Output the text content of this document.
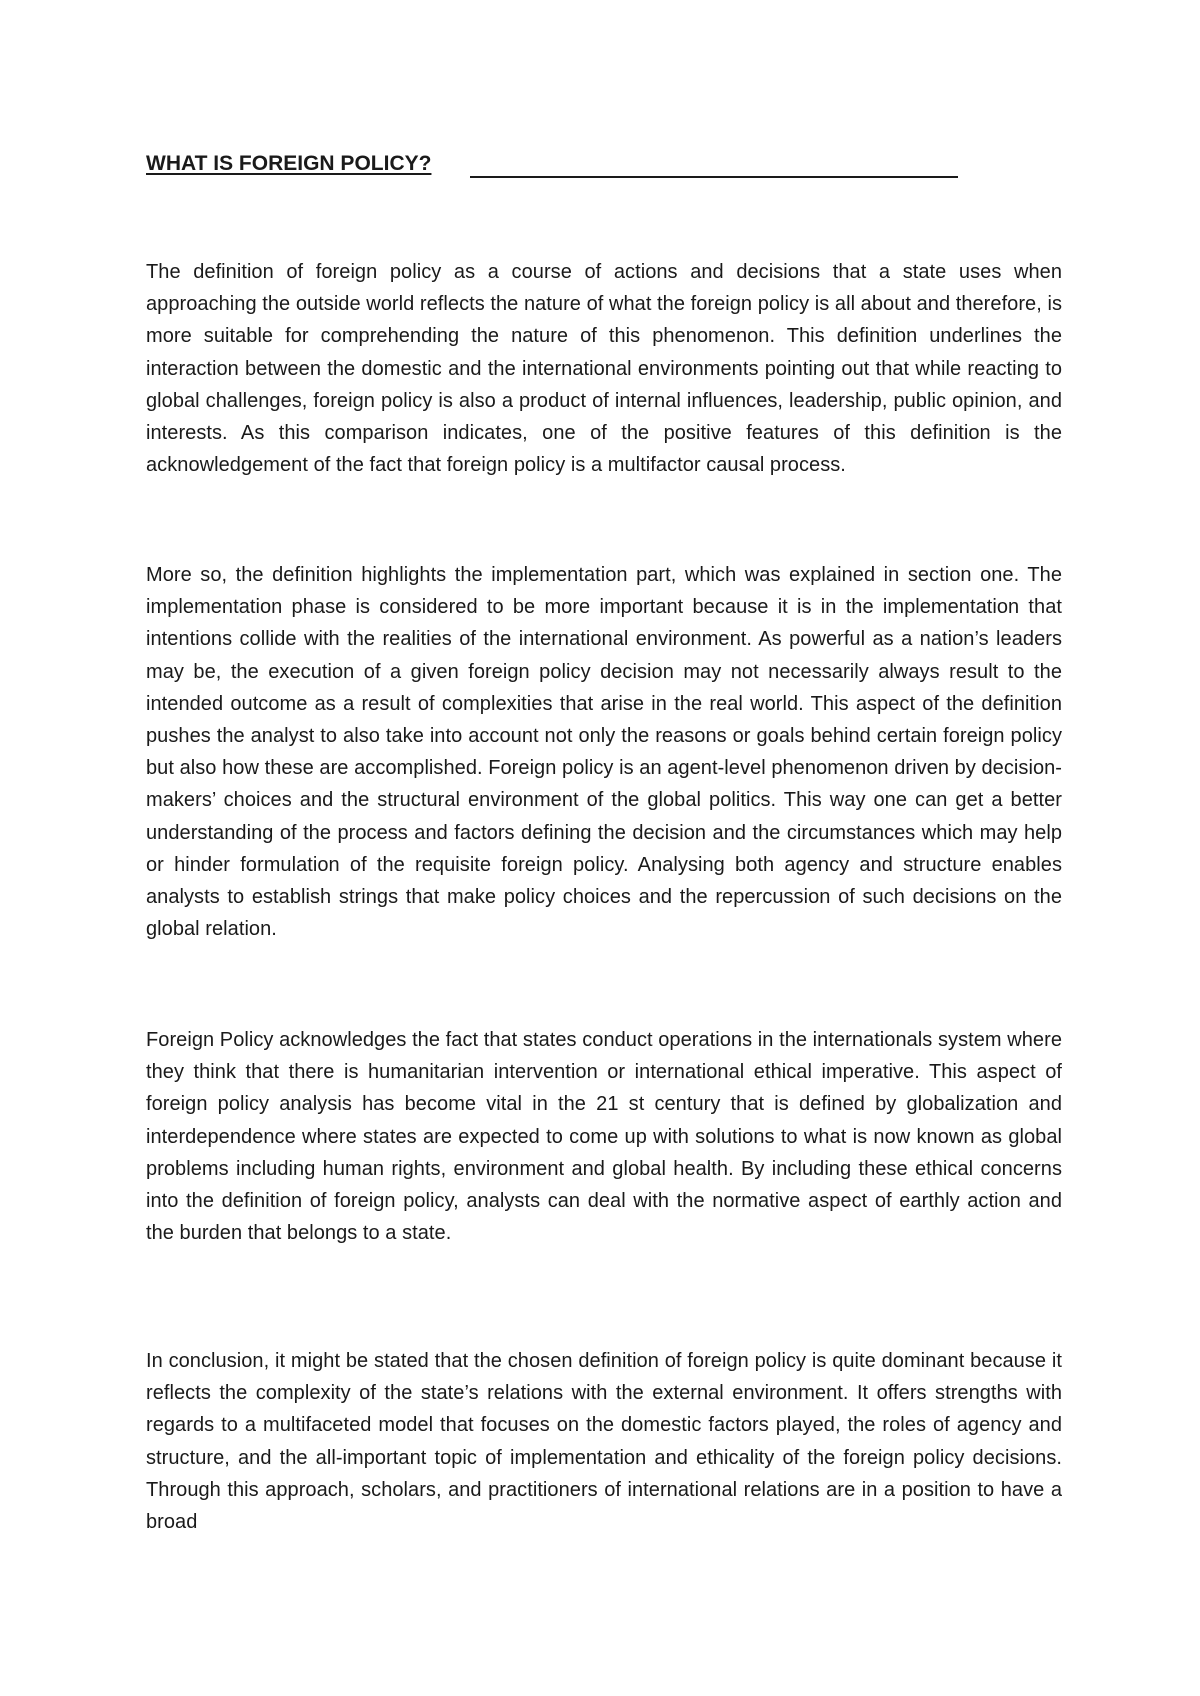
WHAT IS FOREIGN POLICY?

The definition of foreign policy as a course of actions and decisions that a state uses when approaching the outside world reflects the nature of what the foreign policy is all about and therefore, is more suitable for comprehending the nature of this phenomenon. This definition underlines the interaction between the domestic and the international environments pointing out that while reacting to global challenges, foreign policy is also a product of internal influences, leadership, public opinion, and interests. As this comparison indicates, one of the positive features of this definition is the acknowledgement of the fact that foreign policy is a multifactor causal process.

More so, the definition highlights the implementation part, which was explained in section one. The implementation phase is considered to be more important because it is in the implementation that intentions collide with the realities of the international environment. As powerful as a nation’s leaders may be, the execution of a given foreign policy decision may not necessarily always result to the intended outcome as a result of complexities that arise in the real world. This aspect of the definition pushes the analyst to also take into account not only the reasons or goals behind certain foreign policy but also how these are accomplished. Foreign policy is an agent-level phenomenon driven by decision-makers’ choices and the structural environment of the global politics. This way one can get a better understanding of the process and factors defining the decision and the circumstances which may help or hinder formulation of the requisite foreign policy. Analysing both agency and structure enables analysts to establish strings that make policy choices and the repercussion of such decisions on the global relation.

Foreign Policy acknowledges the fact that states conduct operations in the internationals system where they think that there is humanitarian intervention or international ethical imperative. This aspect of foreign policy analysis has become vital in the 21 st century that is defined by globalization and interdependence where states are expected to come up with solutions to what is now known as global problems including human rights, environment and global health. By including these ethical concerns into the definition of foreign policy, analysts can deal with the normative aspect of earthly action and the burden that belongs to a state.

In conclusion, it might be stated that the chosen definition of foreign policy is quite dominant because it reflects the complexity of the state’s relations with the external environment. It offers strengths with regards to a multifaceted model that focuses on the domestic factors played, the roles of agency and structure, and the all-important topic of implementation and ethicality of the foreign policy decisions. Through this approach, scholars, and practitioners of international relations are in a position to have a broad
